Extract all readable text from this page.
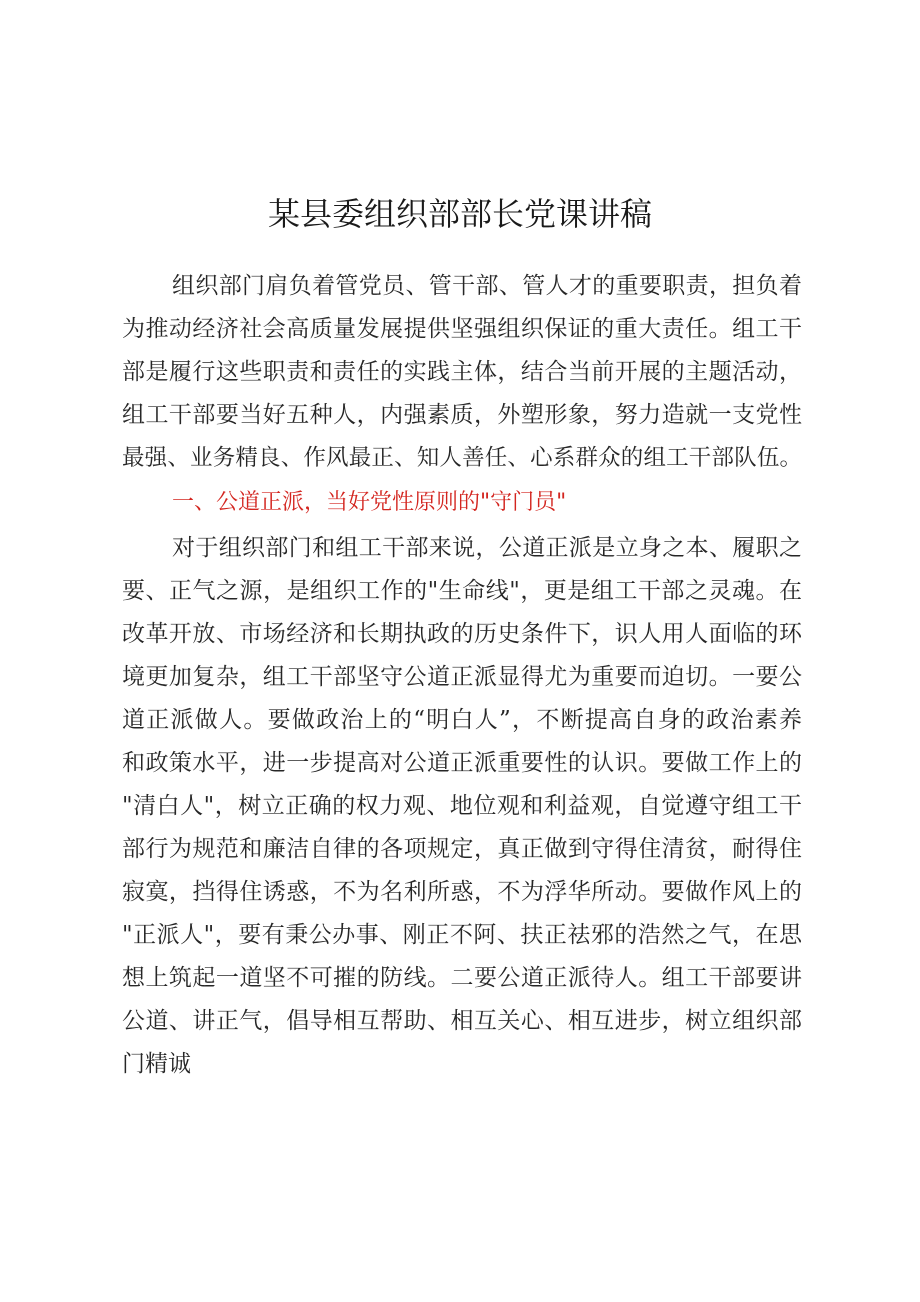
某县委组织部部长党课讲稿
组织部门肩负着管党员、管干部、管人才的重要职责，担负着
为推动经济社会高质量发展提供坚强组织保证的重大责任。组工干
部是履行这些职责和责任的实践主体，结合当前开展的主题活动，
组工干部要当好五种人，内强素质，外塑形象，努力造就一支党性
最强、业务精良、作风最正、知人善任、心系群众的组工干部队伍。
一、公道正派，当好党性原则的"守门员"
对于组织部门和组工干部来说，公道正派是立身之本、履职之
要、正气之源，是组织工作的"生命线"，更是组工干部之灵魂。在
改革开放、市场经济和长期执政的历史条件下，识人用人面临的环
境更加复杂，组工干部坚守公道正派显得尤为重要而迫切。一要公
道正派做人。要做政治上的“明白人”，不断提高自身的政治素养
和政策水平，进一步提高对公道正派重要性的认识。要做工作上的
"清白人"，树立正确的权力观、地位观和利益观，自觉遵守组工干
部行为规范和廉洁自律的各项规定，真正做到守得住清贫，耐得住
寂寞，挡得住诱惑，不为名利所惑，不为浮华所动。要做作风上的
"正派人"，要有秉公办事、刚正不阿、扶正祛邪的浩然之气，在思
想上筑起一道坚不可摧的防线。二要公道正派待人。组工干部要讲
公道、讲正气，倡导相互帮助、相互关心、相互进步，树立组织部
门精诚
